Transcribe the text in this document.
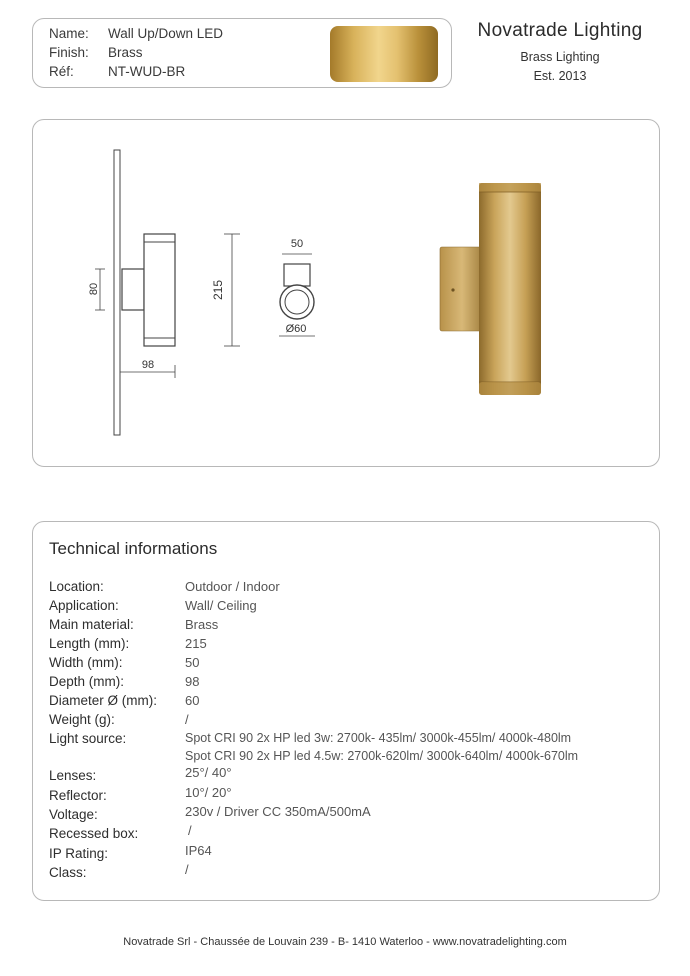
Name:	Wall Up/Down LED
Finish:	Brass
Réf:	NT-WUD-BR
Novatrade Lighting
Brass Lighting
Est. 2013
80
98
215
50
Ø60
Technical informations
Location:	Outdoor / Indoor
Application:	Wall/ Ceiling
Main material:	Brass
Length (mm):	215
Width (mm):	50
Depth (mm):	98
Diameter Ø (mm): 60
Weight (g):	/
Light source:	Spot CRI 90 2x HP led 3w: 2700k- 435lm/ 3000k-455lm/ 4000k-480lm
Spot CRI 90 2x HP led 4.5w: 2700k-620lm/ 3000k-640lm/ 4000k-670lm
Lenses:	25°/ 40°
Reflector:	10°/ 20°
Voltage:	230v / Driver CC 350mA/500mA
Recessed box:	/
IP Rating:	IP64
Class:	/
Novatrade Srl - Chaussée de Louvain 239 - B- 1410 Waterloo - www.novatradelighting.com
